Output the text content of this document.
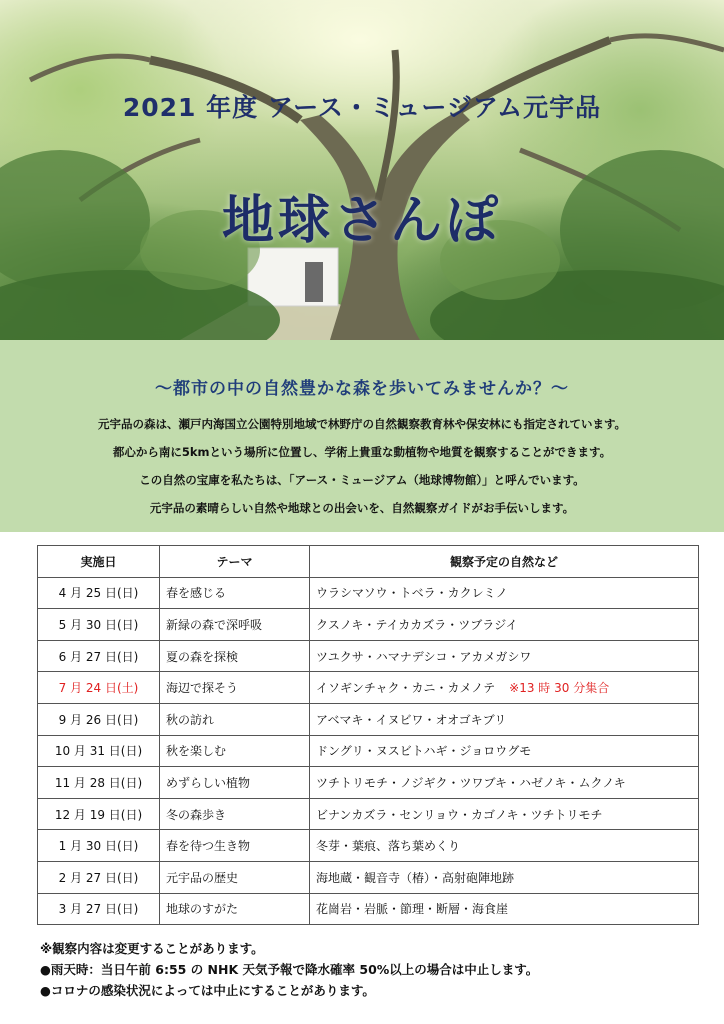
2021 年度 アース・ミュージアム元宇品
地球さんぽ
～都市の中の自然豊かな森を歩いてみませんか？～
元宇品の森は、瀬戸内海国立公園特別地域で林野庁の自然観察教育林や保安林にも指定されています。
都心から南に5kmという場所に位置し、学術上貴重な動植物や地質を観察することができます。
この自然の宝庫を私たちは、「アース・ミュージアム（地球博物館）」と呼んでいます。
元宇品の素晴らしい自然や地球との出会いを、自然観察ガイドがお手伝いします。
実施日	テーマ	観察予定の自然など
4 月 25 日(日)	春を感じる	ウラシマソウ・トベラ・カクレミノ
5 月 30 日(日)	新緑の森で深呼吸	クスノキ・テイカカズラ・ツブラジイ
6 月 27 日(日)	夏の森を探検	ツユクサ・ハマナデシコ・アカメガシワ
7 月 24 日(土)	海辺で探そう	イソギンチャク・カニ・カメノテ ※13 時 30 分集合
9 月 26 日(日)	秋の訪れ	アベマキ・イヌビワ・オオゴキブリ
10 月 31 日(日)	秋を楽しむ	ドングリ・ヌスビトハギ・ジョロウグモ
11 月 28 日(日)	めずらしい植物	ツチトリモチ・ノジギク・ツワブキ・ハゼノキ・ムクノキ
12 月 19 日(日)	冬の森歩き	ビナンカズラ・センリョウ・カゴノキ・ツチトリモチ
1 月 30 日(日)	春を待つ生き物	冬芽・葉痕、落ち葉めくり
2 月 27 日(日)	元宇品の歴史	海地蔵・観音寺（椿）・高射砲陣地跡
3 月 27 日(日)	地球のすがた	花崗岩・岩脈・節理・断層・海食崖
※観察内容は変更することがあります。
●雨天時：当日午前 6:55 の NHK 天気予報で降水確率 50%以上の場合は中止します。
●コロナの感染状況によっては中止にすることがあります。
